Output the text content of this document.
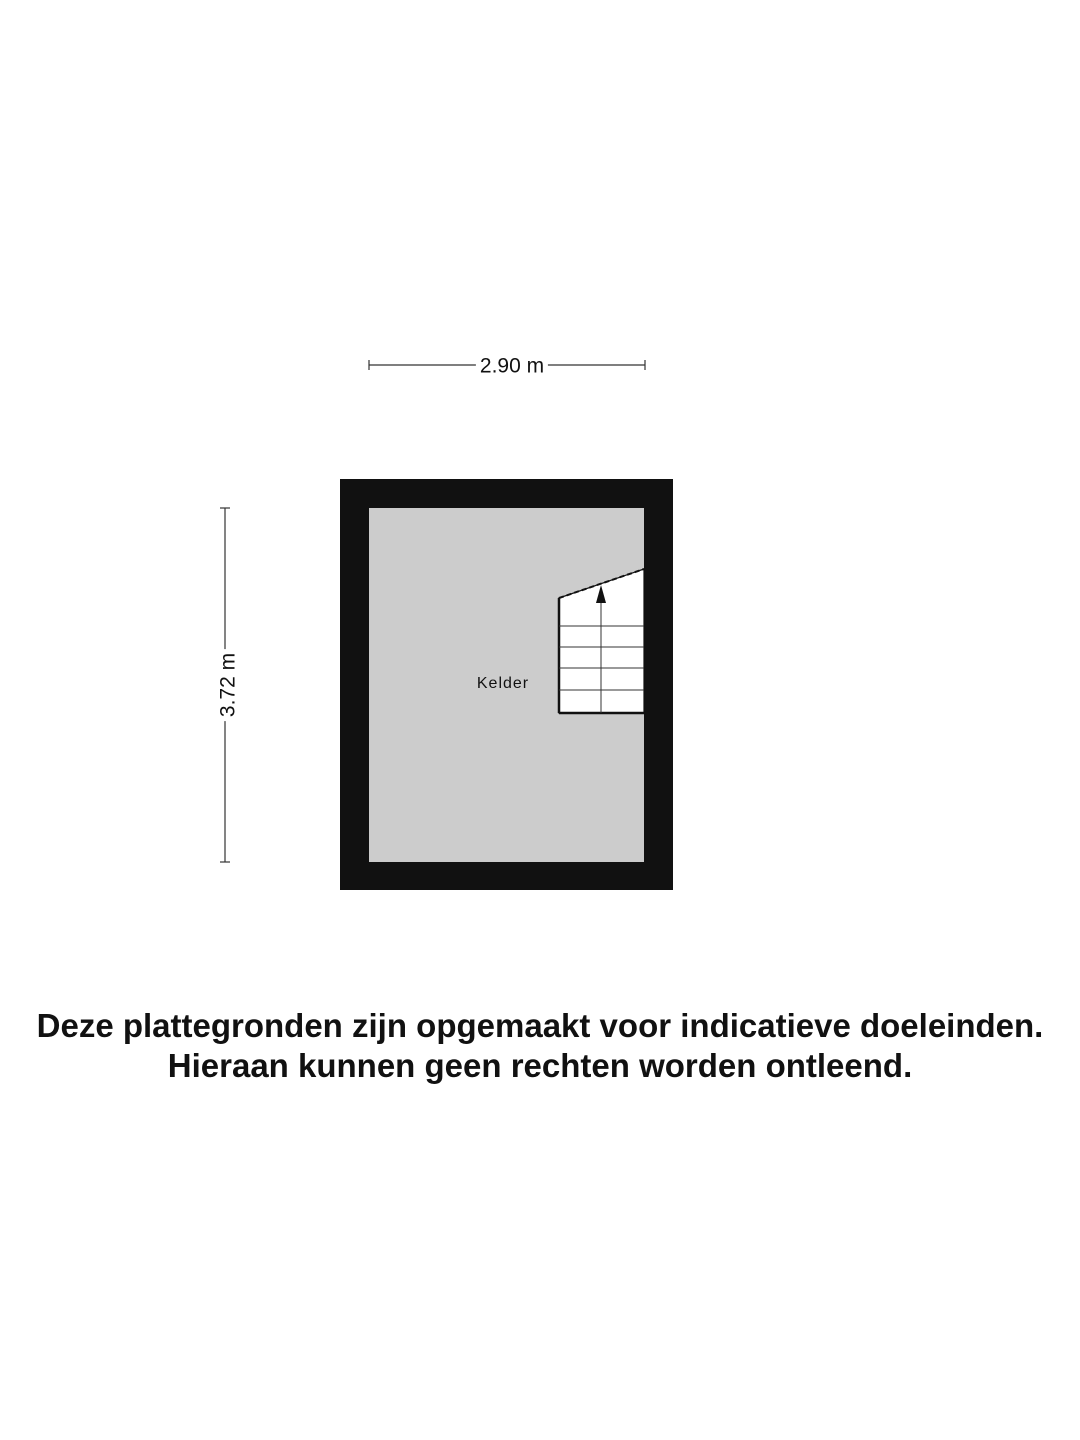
2.90 m
3.72 m	Kelder
Deze plattegronden zijn opgemaakt voor indicatieve doeleinden.
Hieraan kunnen geen rechten worden ontleend.
